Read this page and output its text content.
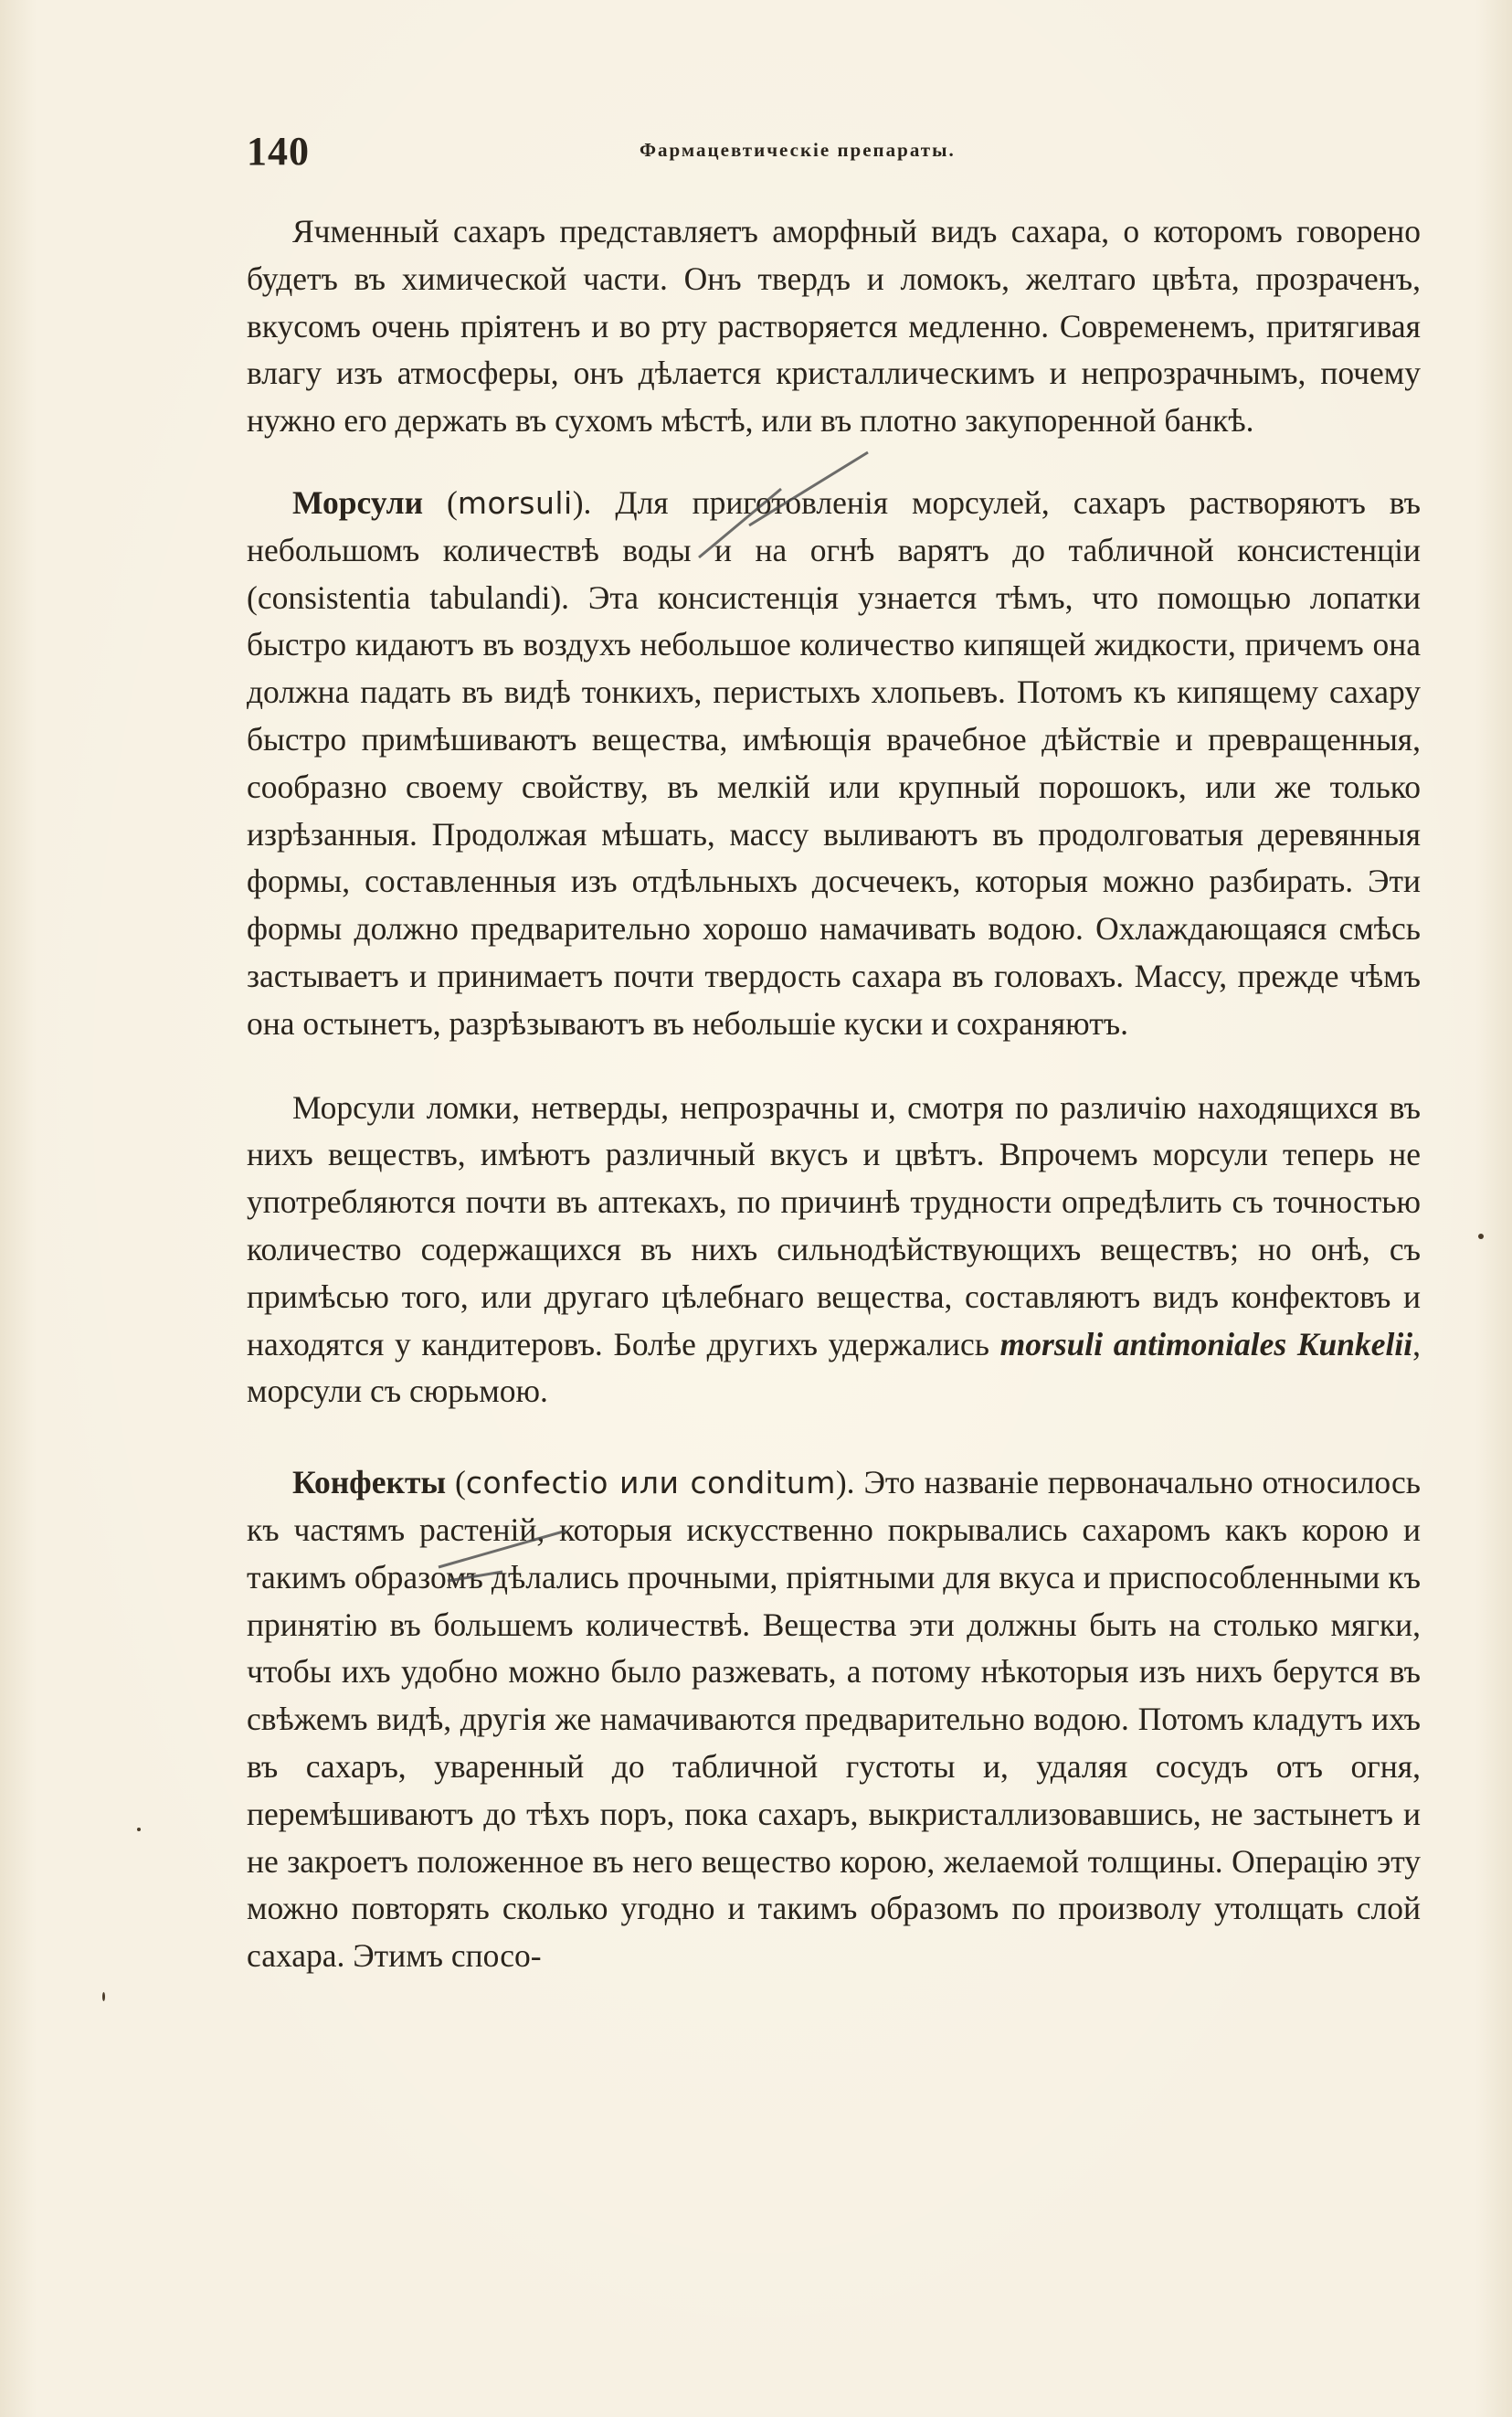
140	Фармацевтическіе препараты.

Ячменный сахаръ представляетъ аморфный видъ сахара, о которомъ говорено будетъ въ химической части. Онъ твердъ и ломокъ, желтаго цвѣта, прозраченъ, вкусомъ очень пріятенъ и во рту растворяется медленно. Современемъ, притягивая влагу изъ атмосферы, онъ дѣлается кристаллическимъ и непрозрачнымъ, почему нужно его держать въ сухомъ мѣстѣ, или въ плотно закупоренной банкѣ.

Морсули (morsuli). Для приготовленія морсулей, сахаръ растворяютъ въ небольшомъ количествѣ воды и на огнѣ варятъ до табличной консистенціи (consistentia tabulandi). Эта консистенція узнается тѣмъ, что помощью лопатки быстро кидаютъ въ воздухъ небольшое количество кипящей жидкости, причемъ она должна падать въ видѣ тонкихъ, перистыхъ хлопьевъ. Потомъ къ кипящему сахару быстро примѣшиваютъ вещества, имѣющія врачебное дѣйствіе и превращенныя, сообразно своему свойству, въ мелкій или крупный порошокъ, или же только изрѣзанныя. Продолжая мѣшать, массу выливаютъ въ продолговатыя деревянныя формы, составленныя изъ отдѣльныхъ досчечекъ, которыя можно разбирать. Эти формы должно предварительно хорошо намачивать водою. Охлаждающаяся смѣсь застываетъ и принимаетъ почти твердость сахара въ головахъ. Массу, прежде чѣмъ она остынетъ, разрѣзываютъ въ небольшіе куски и сохраняютъ.

Морсули ломки, нетверды, непрозрачны и, смотря по различію находящихся въ нихъ веществъ, имѣютъ различный вкусъ и цвѣтъ. Впрочемъ морсули теперь не употребляются почти въ аптекахъ, по причинѣ трудности опредѣлить съ точностью количество содержащихся въ нихъ сильнодѣйствующихъ веществъ; но онѣ, съ примѣсью того, или другаго цѣлебнаго вещества, составляютъ видъ конфектовъ и находятся у кандитеровъ. Болѣе другихъ удержались morsuli antimoniales Kunkelii, морсули съ сюрьмою.

Конфекты (confectio или conditum). Это названіе первоначально относилось къ частямъ растеній, которыя искусственно покрывались сахаромъ какъ корою и такимъ образомъ дѣлались прочными, пріятными для вкуса и приспособленными къ принятію въ большемъ количествѣ. Вещества эти должны быть на столько мягки, чтобы ихъ удобно можно было разжевать, а потому нѣкоторыя изъ нихъ берутся въ свѣжемъ видѣ, другія же намачиваются предварительно водою. Потомъ кладутъ ихъ въ сахаръ, уваренный до табличной густоты и, удаляя сосудъ отъ огня, перемѣшиваютъ до тѣхъ поръ, пока сахаръ, выкристаллизовавшись, не застынетъ и не закроетъ положенное въ него вещество корою, желаемой толщины. Операцію эту можно повторять сколько угодно и такимъ образомъ по произволу утолщать слой сахара. Этимъ спосо-
